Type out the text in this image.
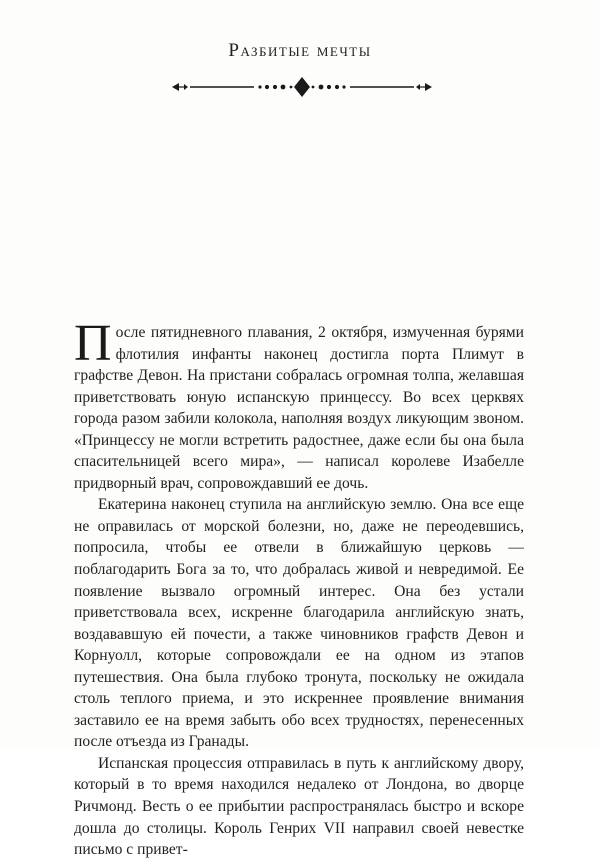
Разбитые мечты

После пятидневного плавания, 2 октября, измученная бурями флотилия инфанты наконец достигла порта Плимут в графстве Девон. На пристани собралась огромная толпа, желавшая приветствовать юную испанскую принцессу. Во всех церквях города разом забили колокола, наполняя воздух ликующим звоном. «Принцессу не могли встретить радостнее, даже если бы она была спасительницей всего мира», — написал королеве Изабелле придворный врач, сопровождавший ее дочь.

Екатерина наконец ступила на английскую землю. Она все еще не оправилась от морской болезни, но, даже не переодевшись, попросила, чтобы ее отвели в ближайшую церковь — поблагодарить Бога за то, что добралась живой и невредимой. Ее появление вызвало огромный интерес. Она без устали приветствовала всех, искренне благодарила английскую знать, воздававшую ей почести, а также чиновников графств Девон и Корнуолл, которые сопровождали ее на одном из этапов путешествия. Она была глубоко тронута, поскольку не ожидала столь теплого приема, и это искреннее проявление внимания заставило ее на время забыть обо всех трудностях, перенесенных после отъезда из Гранады.

Испанская процессия отправилась в путь к английскому двору, который в то время находился недалеко от Лондона, во дворце Ричмонд. Весть о ее прибытии распространялась быстро и вскоре дошла до столицы. Король Генрих VII направил своей невестке письмо с привет-
